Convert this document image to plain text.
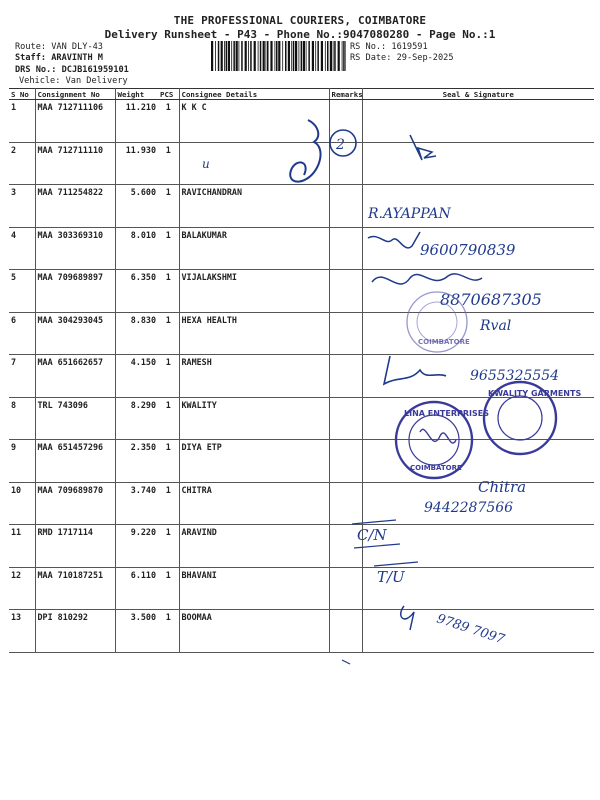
THE PROFESSIONAL COURIERS, COIMBATORE
Delivery Runsheet - P43 - Phone No.:9047080280 - Page No.:1
Route: VAN DLY-43
Staff: ARAVINTH M
DRS No.: DCJB161959101
Vehicle: Van Delivery
RS No.: 1619591
RS Date: 29-Sep-2025
S No	Consignment No	Weight	PCS	Consignee Details	Remarks	Seal & Signature
1	MAA 712711106	11.210	1	K K C		
2	MAA 712711110	11.930	1			
3	MAA 711254822	5.600	1	RAVICHANDRAN		
4	MAA 303369310	8.010	1	BALAKUMAR		
5	MAA 709689897	6.350	1	VIJALAKSHMI		
6	MAA 304293045	8.830	1	HEXA HEALTH		
7	MAA 651662657	4.150	1	RAMESH		
8	TRL 743096	8.290	1	KWALITY		
9	MAA 651457296	2.350	1	DIYA ETP		
10	MAA 709689870	3.740	1	CHITRA		
11	RMD 1717114	9.220	1	ARAVIND		
12	MAA 710187251	6.110	1	BHAVANI		
13	DPI 810292	3.500	1	BOOMAA		
2
u
R.AYAPPAN
9600790839
8870687305
Rval
COIMBATORE
9655325554
LINA ENTERPRISES
COIMBATORE
KWALITY GARMENTS
Chitra
9442287566
C/N
T/U
9789 7097
